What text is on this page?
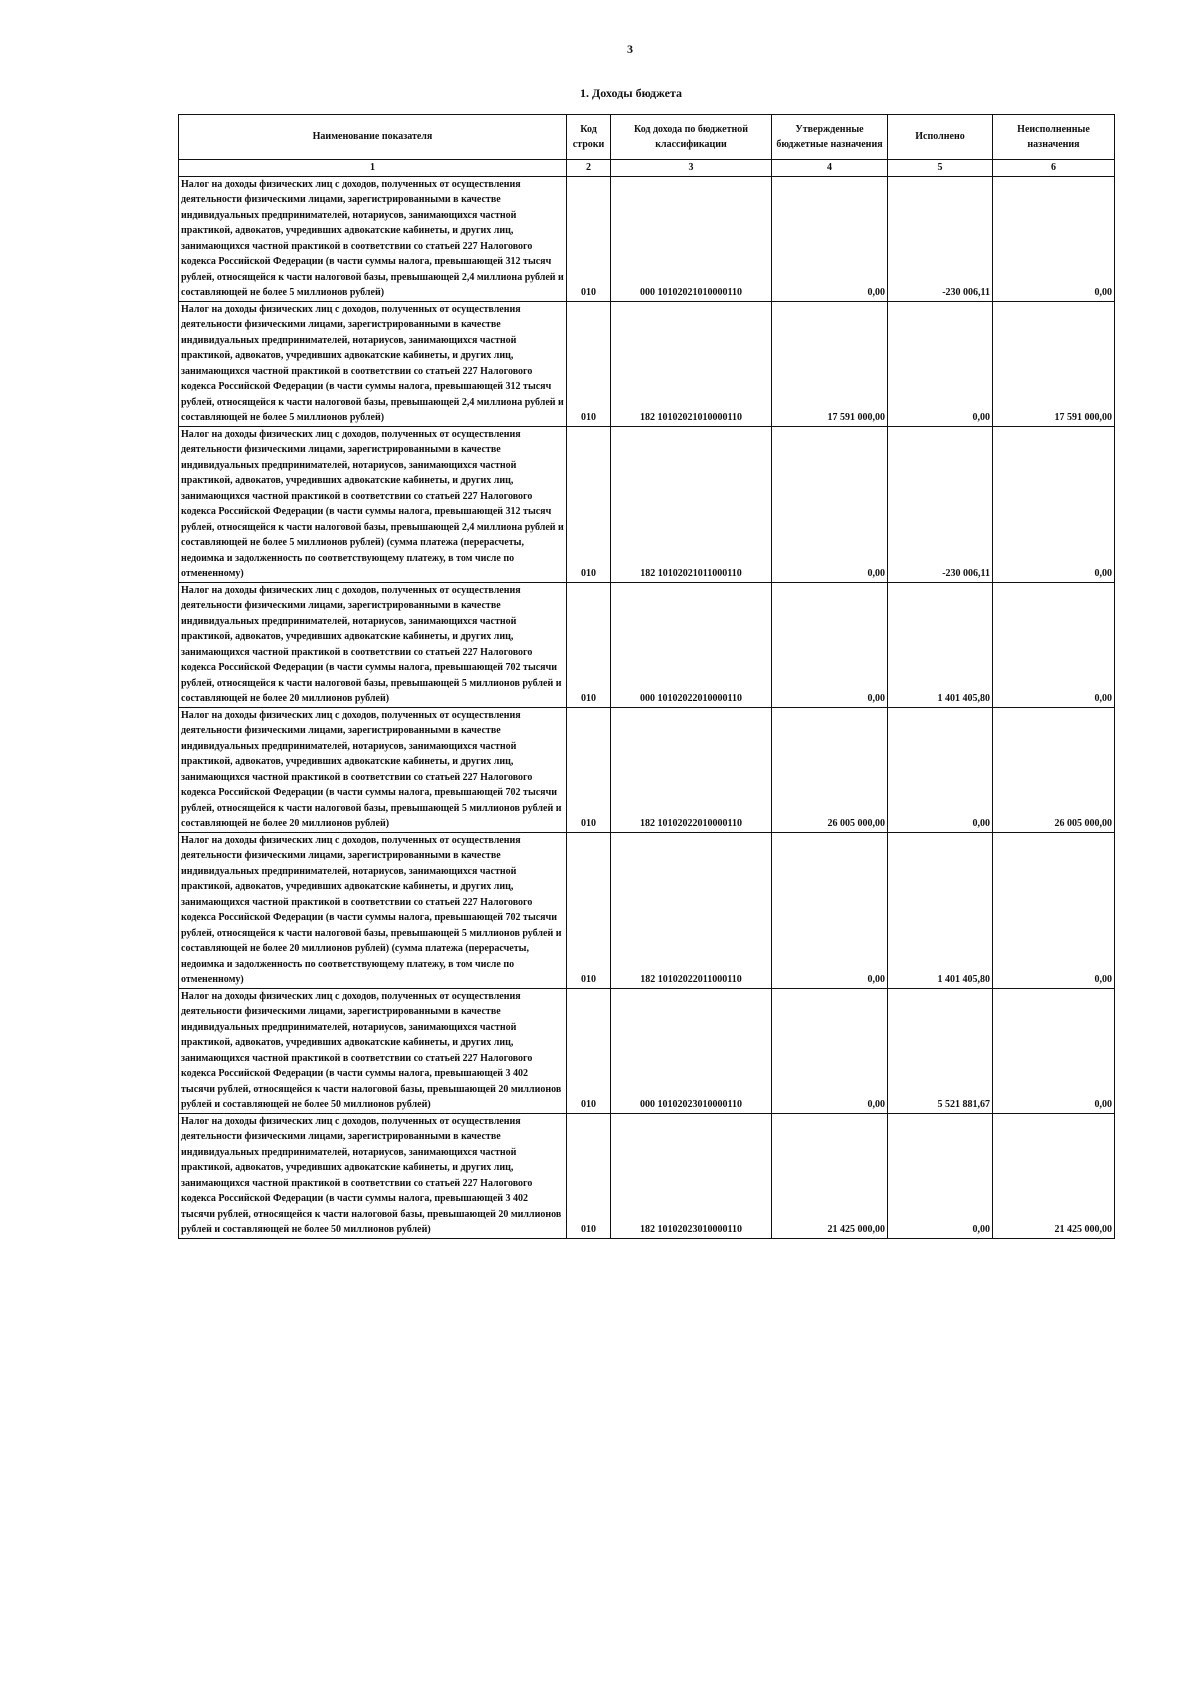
3
1. Доходы бюджета
Наименование показателя	Код строки	Код дохода по бюджетной классификации	Утвержденные бюджетные назначения	Исполнено	Неисполненные назначения
1	2	3	4	5	6
Налог на доходы физических лиц с доходов, полученных от осуществления деятельности физическими лицами, зарегистрированными в качестве индивидуальных предпринимателей, нотариусов, занимающихся частной практикой, адвокатов, учредивших адвокатские кабинеты, и других лиц, занимающихся частной практикой в соответствии со статьей 227 Налогового кодекса Российской Федерации (в части суммы налога, превышающей 312 тысяч рублей, относящейся к части налоговой базы, превышающей 2,4 миллиона рублей и составляющей не более 5 миллионов рублей)	010	000 10102021010000110	0,00	-230 006,11	0,00
Налог на доходы физических лиц с доходов, полученных от осуществления деятельности физическими лицами, зарегистрированными в качестве индивидуальных предпринимателей, нотариусов, занимающихся частной практикой, адвокатов, учредивших адвокатские кабинеты, и других лиц, занимающихся частной практикой в соответствии со статьей 227 Налогового кодекса Российской Федерации (в части суммы налога, превышающей 312 тысяч рублей, относящейся к части налоговой базы, превышающей 2,4 миллиона рублей и составляющей не более 5 миллионов рублей)	010	182 10102021010000110	17 591 000,00	0,00	17 591 000,00
Налог на доходы физических лиц с доходов, полученных от осуществления деятельности физическими лицами, зарегистрированными в качестве индивидуальных предпринимателей, нотариусов, занимающихся частной практикой, адвокатов, учредивших адвокатские кабинеты, и других лиц, занимающихся частной практикой в соответствии со статьей 227 Налогового кодекса Российской Федерации (в части суммы налога, превышающей 312 тысяч рублей, относящейся к части налоговой базы, превышающей 2,4 миллиона рублей и составляющей не более 5 миллионов рублей) (сумма платежа (перерасчеты, недоимка и задолженность по соответствующему платежу, в том числе по отмененному)	010	182 10102021011000110	0,00	-230 006,11	0,00
Налог на доходы физических лиц с доходов, полученных от осуществления деятельности физическими лицами, зарегистрированными в качестве индивидуальных предпринимателей, нотариусов, занимающихся частной практикой, адвокатов, учредивших адвокатские кабинеты, и других лиц, занимающихся частной практикой в соответствии со статьей 227 Налогового кодекса Российской Федерации (в части суммы налога, превышающей 702 тысячи рублей, относящейся к части налоговой базы, превышающей 5 миллионов рублей и составляющей не более 20 миллионов рублей)	010	000 10102022010000110	0,00	1 401 405,80	0,00
Налог на доходы физических лиц с доходов, полученных от осуществления деятельности физическими лицами, зарегистрированными в качестве индивидуальных предпринимателей, нотариусов, занимающихся частной практикой, адвокатов, учредивших адвокатские кабинеты, и других лиц, занимающихся частной практикой в соответствии со статьей 227 Налогового кодекса Российской Федерации (в части суммы налога, превышающей 702 тысячи рублей, относящейся к части налоговой базы, превышающей 5 миллионов рублей и составляющей не более 20 миллионов рублей)	010	182 10102022010000110	26 005 000,00	0,00	26 005 000,00
Налог на доходы физических лиц с доходов, полученных от осуществления деятельности физическими лицами, зарегистрированными в качестве индивидуальных предпринимателей, нотариусов, занимающихся частной практикой, адвокатов, учредивших адвокатские кабинеты, и других лиц, занимающихся частной практикой в соответствии со статьей 227 Налогового кодекса Российской Федерации (в части суммы налога, превышающей 702 тысячи рублей, относящейся к части налоговой базы, превышающей 5 миллионов рублей и составляющей не более 20 миллионов рублей) (сумма платежа (перерасчеты, недоимка и задолженность по соответствующему платежу, в том числе по отмененному)	010	182 10102022011000110	0,00	1 401 405,80	0,00
Налог на доходы физических лиц с доходов, полученных от осуществления деятельности физическими лицами, зарегистрированными в качестве индивидуальных предпринимателей, нотариусов, занимающихся частной практикой, адвокатов, учредивших адвокатские кабинеты, и других лиц, занимающихся частной практикой в соответствии со статьей 227 Налогового кодекса Российской Федерации (в части суммы налога, превышающей 3 402 тысячи рублей, относящейся к части налоговой базы, превышающей 20 миллионов рублей и составляющей не более 50 миллионов рублей)	010	000 10102023010000110	0,00	5 521 881,67	0,00
Налог на доходы физических лиц с доходов, полученных от осуществления деятельности физическими лицами, зарегистрированными в качестве индивидуальных предпринимателей, нотариусов, занимающихся частной практикой, адвокатов, учредивших адвокатские кабинеты, и других лиц, занимающихся частной практикой в соответствии со статьей 227 Налогового кодекса Российской Федерации (в части суммы налога, превышающей 3 402 тысячи рублей, относящейся к части налоговой базы, превышающей 20 миллионов рублей и составляющей не более 50 миллионов рублей)	010	182 10102023010000110	21 425 000,00	0,00	21 425 000,00
